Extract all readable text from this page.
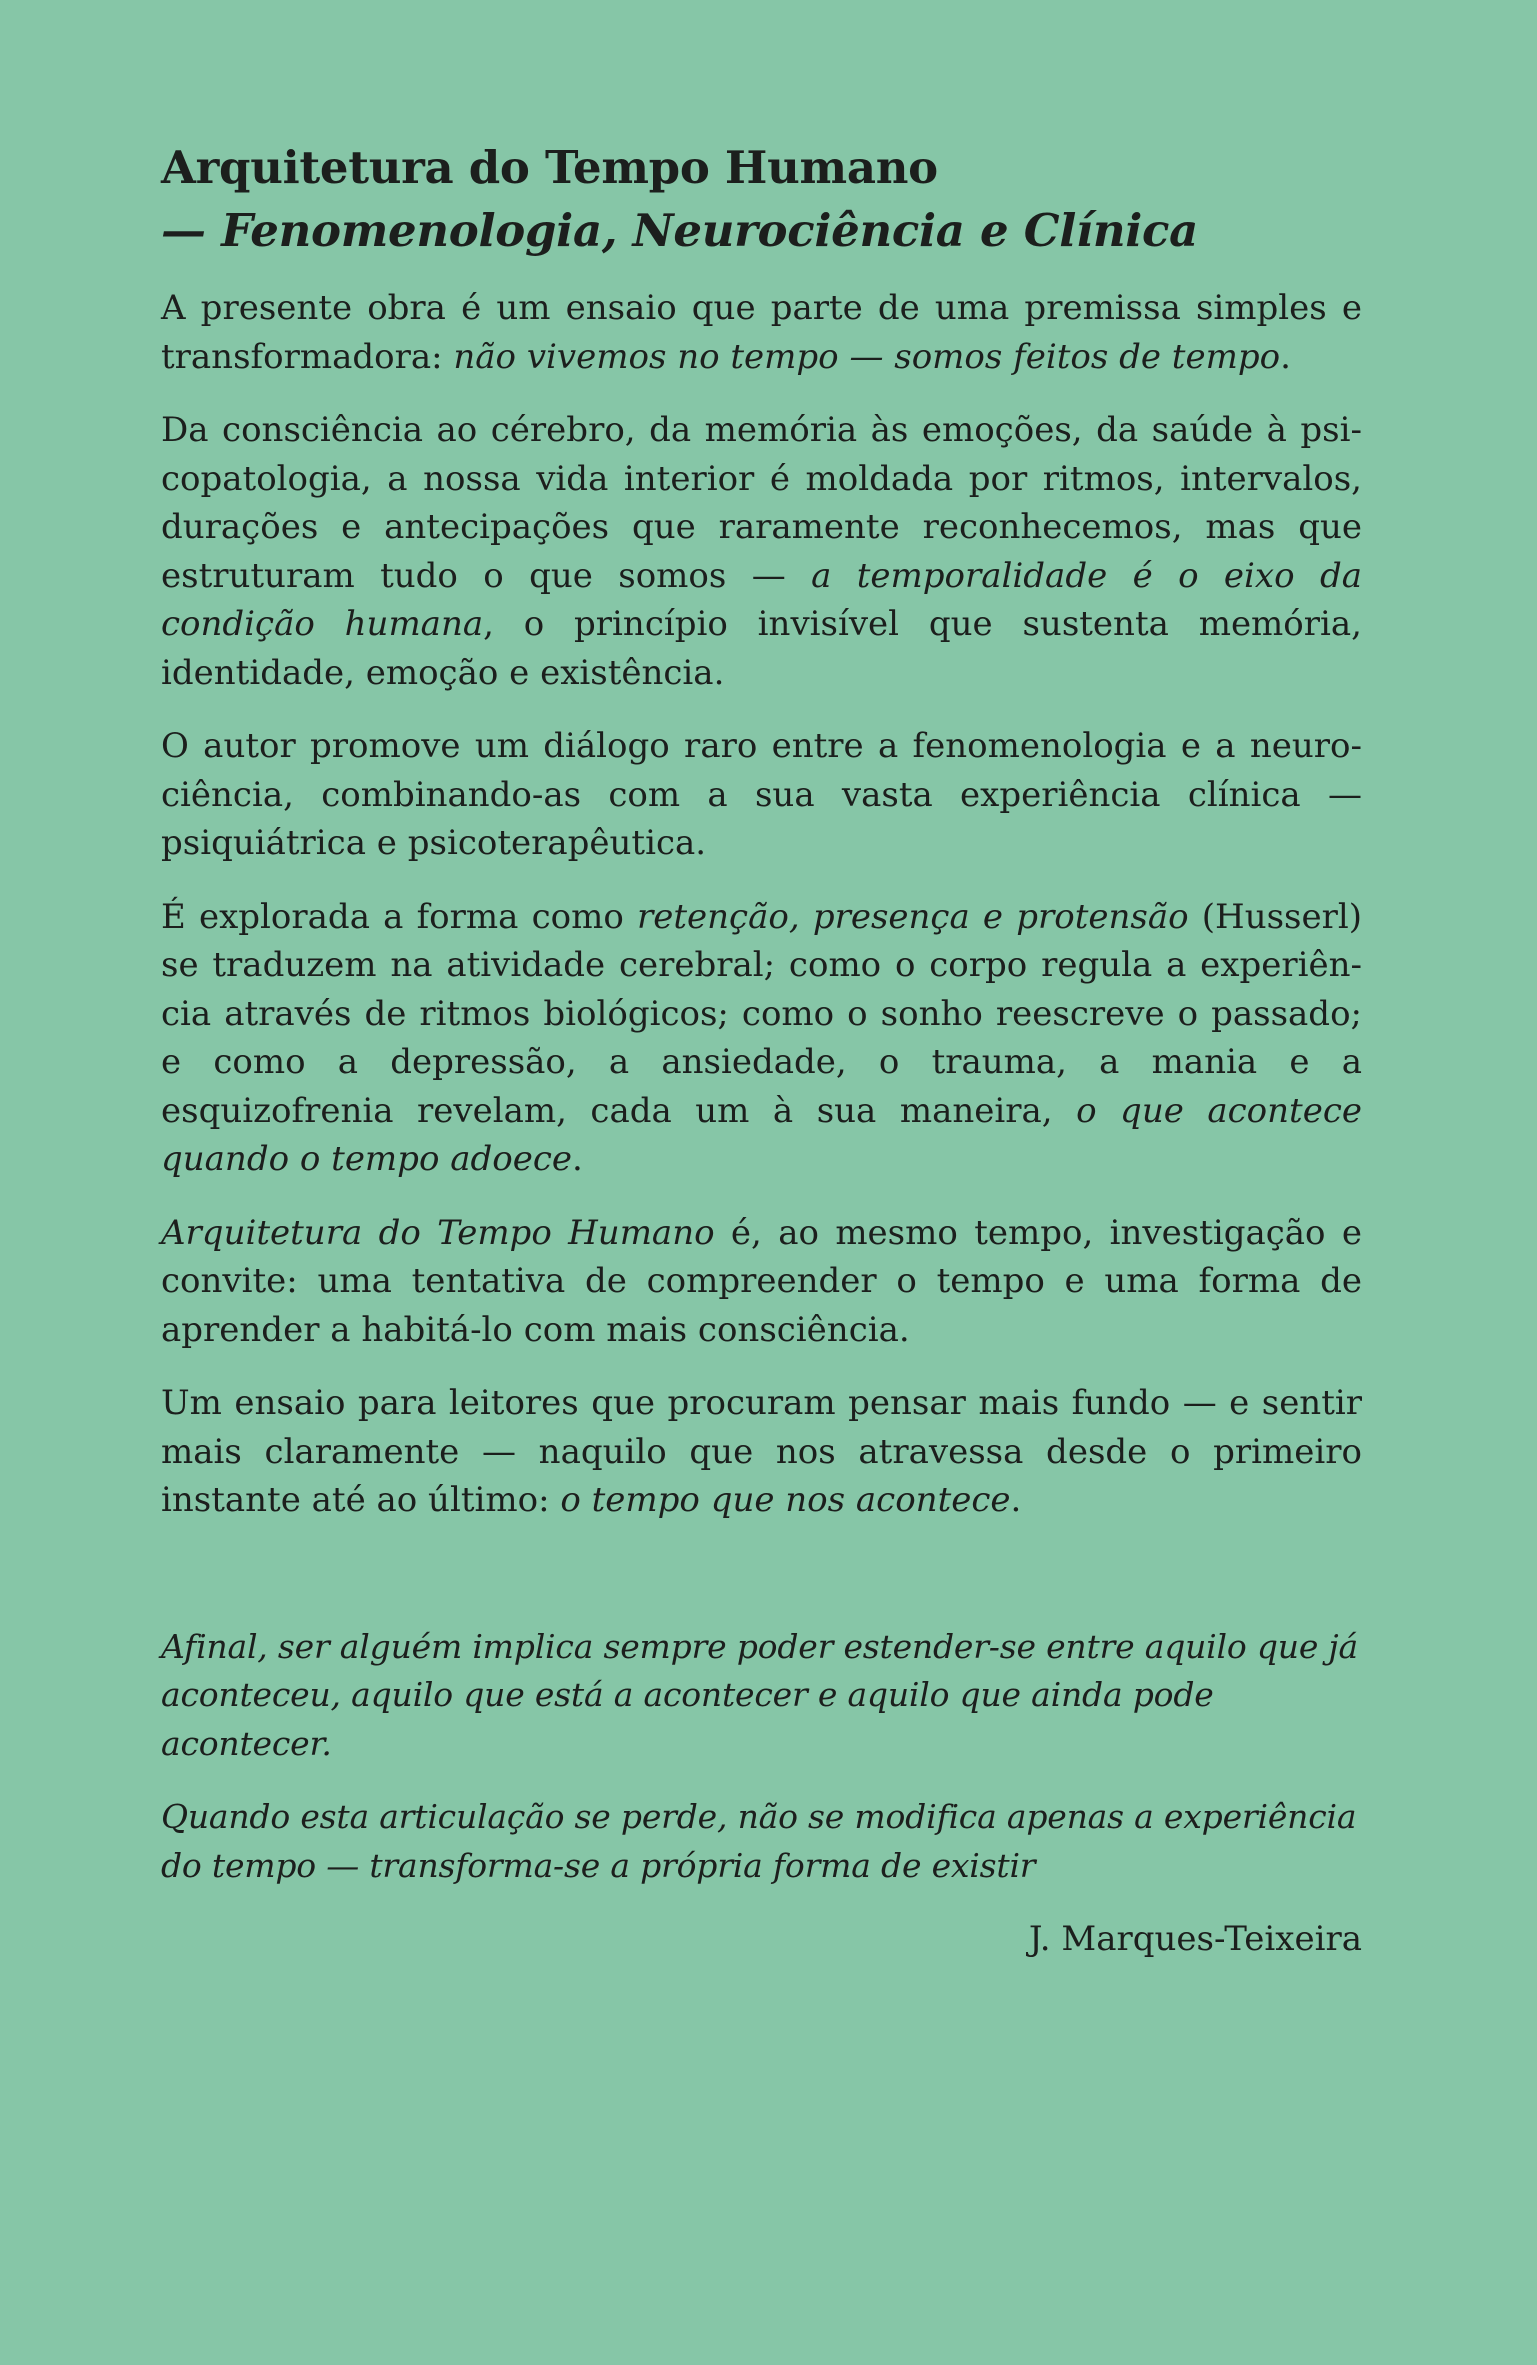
Arquitetura do Tempo Humano
— Fenomenologia, Neurociência e Clínica

A presente obra é um ensaio que parte de uma premissa simples e transformadora: não vivemos no tempo — somos feitos de tempo.

Da consciência ao cérebro, da memória às emoções, da saúde à psicopatologia, a nossa vida interior é moldada por ritmos, intervalos, durações e antecipações que raramente reconhecemos, mas que estruturam tudo o que somos — a temporalidade é o eixo da condição humana, o princípio invisível que sustenta memória, identidade, emoção e existência.

O autor promove um diálogo raro entre a fenomenologia e a neurociência, combinando-as com a sua vasta experiência clínica — psiquiátrica e psicoterapêutica.

É explorada a forma como retenção, presença e protensão (Husserl) se traduzem na atividade cerebral; como o corpo regula a experiência através de ritmos biológicos; como o sonho reescreve o passado; e como a depressão, a ansiedade, o trauma, a mania e a esquizofrenia revelam, cada um à sua maneira, o que acontece quando o tempo adoece.

Arquitetura do Tempo Humano é, ao mesmo tempo, investigação e convite: uma tentativa de compreender o tempo e uma forma de aprender a habitá-lo com mais consciência.

Um ensaio para leitores que procuram pensar mais fundo — e sentir mais claramente — naquilo que nos atravessa desde o primeiro instante até ao último: o tempo que nos acontece.

Afinal, ser alguém implica sempre poder estender-se entre aquilo que já aconteceu, aquilo que está a acontecer e aquilo que ainda pode acontecer.

Quando esta articulação se perde, não se modifica apenas a experiência do tempo — transforma-se a própria forma de existir

J. Marques-Teixeira
